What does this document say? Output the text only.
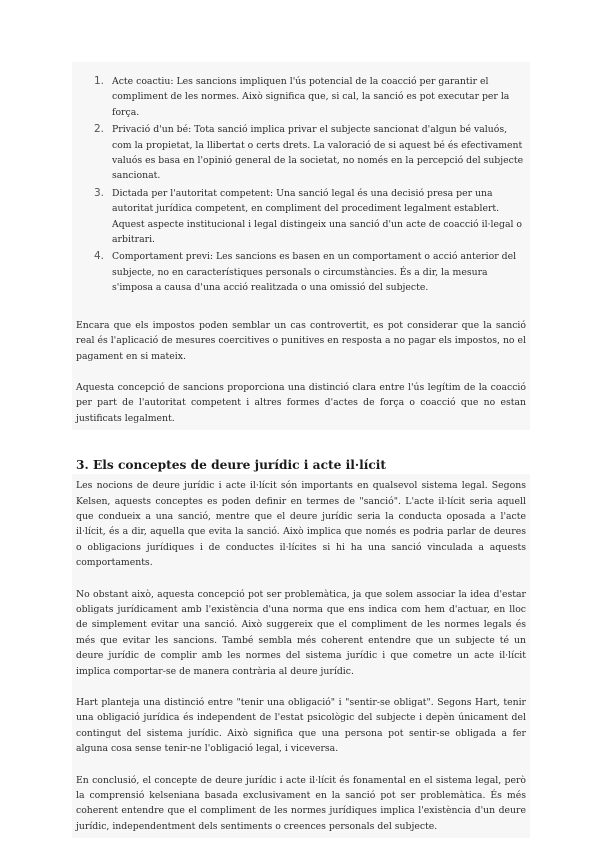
1. Acte coactiu: Les sancions impliquen l'ús potencial de la coacció per garantir el compliment de les normes. Això significa que, si cal, la sanció es pot executar per la força.
2. Privació d'un bé: Tota sanció implica privar el subjecte sancionat d'algun bé valuós, com la propietat, la llibertat o certs drets. La valoració de si aquest bé és efectivament valuós es basa en l'opinió general de la societat, no només en la percepció del subjecte sancionat.
3. Dictada per l'autoritat competent: Una sanció legal és una decisió presa per una autoritat jurídica competent, en compliment del procediment legalment establert. Aquest aspecte institucional i legal distingeix una sanció d'un acte de coacció il·legal o arbitrari.
4. Comportament previ: Les sancions es basen en un comportament o acció anterior del subjecte, no en característiques personals o circumstàncies. És a dir, la mesura s'imposa a causa d'una acció realitzada o una omissió del subjecte.

Encara que els impostos poden semblar un cas controvertit, es pot considerar que la sanció real és l'aplicació de mesures coercitives o punitives en resposta a no pagar els impostos, no el pagament en si mateix.

Aquesta concepció de sancions proporciona una distinció clara entre l'ús legítim de la coacció per part de l'autoritat competent i altres formes d'actes de força o coacció que no estan justificats legalment.

3. Els conceptes de deure jurídic i acte il·lícit

Les nocions de deure jurídic i acte il·lícit són importants en qualsevol sistema legal. Segons Kelsen, aquests conceptes es poden definir en termes de "sanció". L'acte il·lícit seria aquell que condueix a una sanció, mentre que el deure jurídic seria la conducta oposada a l'acte il·lícit, és a dir, aquella que evita la sanció. Això implica que només es podria parlar de deures o obligacions jurídiques i de conductes il·lícites si hi ha una sanció vinculada a aquests comportaments.

No obstant això, aquesta concepció pot ser problemàtica, ja que solem associar la idea d'estar obligats jurídicament amb l'existència d'una norma que ens indica com hem d'actuar, en lloc de simplement evitar una sanció. Això suggereix que el compliment de les normes legals és més que evitar les sancions. També sembla més coherent entendre que un subjecte té un deure jurídic de complir amb les normes del sistema jurídic i que cometre un acte il·lícit implica comportar-se de manera contrària al deure jurídic.

Hart planteja una distinció entre "tenir una obligació" i "sentir-se obligat". Segons Hart, tenir una obligació jurídica és independent de l'estat psicològic del subjecte i depèn únicament del contingut del sistema jurídic. Això significa que una persona pot sentir-se obligada a fer alguna cosa sense tenir-ne l'obligació legal, i viceversa.

En conclusió, el concepte de deure jurídic i acte il·lícit és fonamental en el sistema legal, però la comprensió kelseniana basada exclusivament en la sanció pot ser problemàtica. És més coherent entendre que el compliment de les normes jurídiques implica l'existència d'un deure jurídic, independentment dels sentiments o creences personals del subjecte.
